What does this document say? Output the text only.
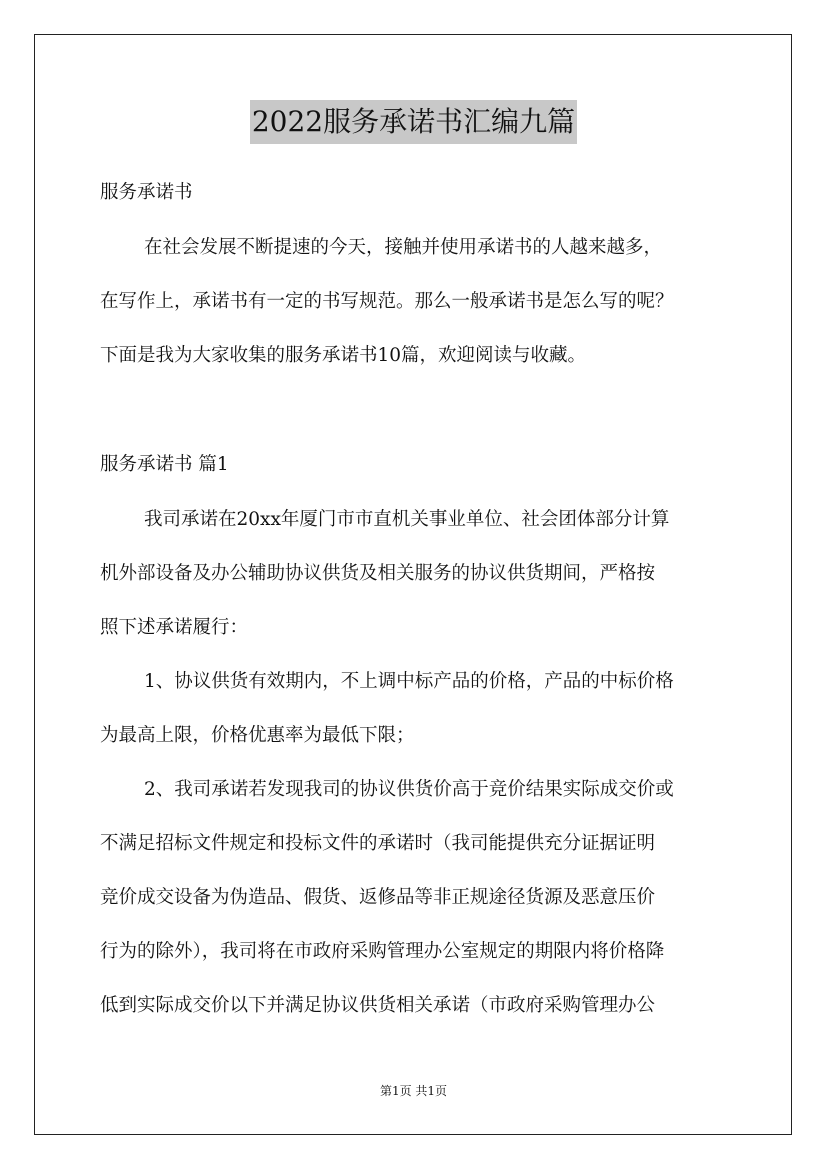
2022服务承诺书汇编九篇
服务承诺书
在社会发展不断提速的今天，接触并使用承诺书的人越来越多，
在写作上，承诺书有一定的书写规范。那么一般承诺书是怎么写的呢？
下面是我为大家收集的服务承诺书10篇，欢迎阅读与收藏。
服务承诺书 篇1
我司承诺在20xx年厦门市市直机关事业单位、社会团体部分计算
机外部设备及办公辅助协议供货及相关服务的协议供货期间，严格按
照下述承诺履行：
1、协议供货有效期内，不上调中标产品的价格，产品的中标价格
为最高上限，价格优惠率为最低下限；
2、我司承诺若发现我司的协议供货价高于竞价结果实际成交价或
不满足招标文件规定和投标文件的承诺时（我司能提供充分证据证明
竞价成交设备为伪造品、假货、返修品等非正规途径货源及恶意压价
行为的除外），我司将在市政府采购管理办公室规定的期限内将价格降
低到实际成交价以下并满足协议供货相关承诺（市政府采购管理办公
第1页 共1页
